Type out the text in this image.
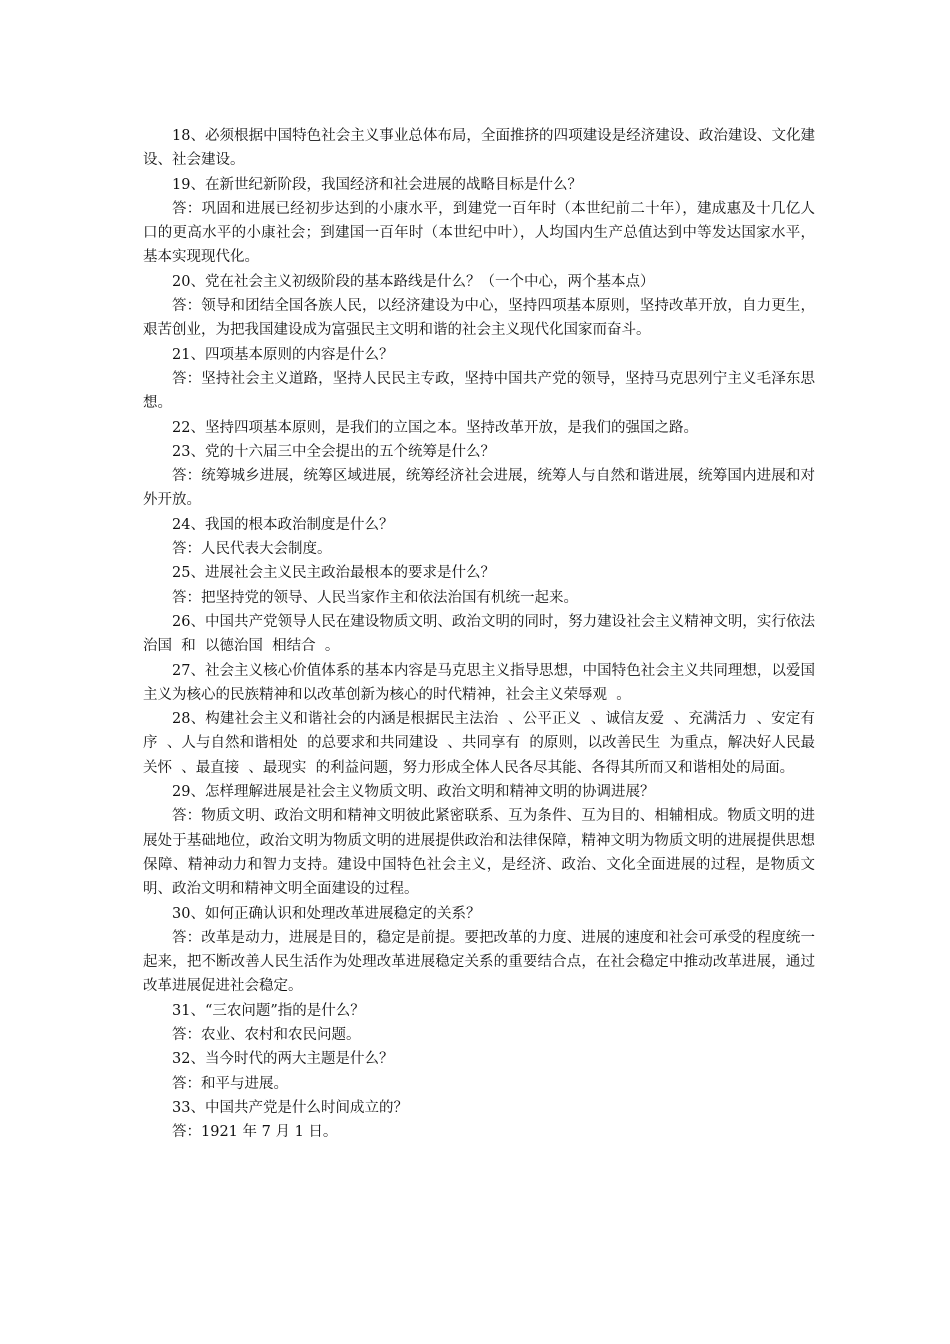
18、必须根据中国特色社会主义事业总体布局，全面推挤的四项建设是经济建设、政治建设、文化建设、社会建设。

19、在新世纪新阶段，我国经济和社会进展的战略目标是什么？

答：巩固和进展已经初步达到的小康水平，到建党一百年时（本世纪前二十年），建成惠及十几亿人口的更高水平的小康社会；到建国一百年时（本世纪中叶），人均国内生产总值达到中等发达国家水平，基本实现现代化。

20、党在社会主义初级阶段的基本路线是什么？（一个中心，两个基本点）

答：领导和团结全国各族人民，以经济建设为中心，坚持四项基本原则，坚持改革开放，自力更生，艰苦创业，为把我国建设成为富强民主文明和谐的社会主义现代化国家而奋斗。

21、四项基本原则的内容是什么？

答：坚持社会主义道路，坚持人民民主专政，坚持中国共产党的领导，坚持马克思列宁主义毛泽东思想。

22、坚持四项基本原则，是我们的立国之本。坚持改革开放，是我们的强国之路。

23、党的十六届三中全会提出的五个统筹是什么？

答：统筹城乡进展，统筹区域进展，统筹经济社会进展，统筹人与自然和谐进展，统筹国内进展和对外开放。

24、我国的根本政治制度是什么？

答：人民代表大会制度。

25、进展社会主义民主政治最根本的要求是什么？

答：把坚持党的领导、人民当家作主和依法治国有机统一起来。

26、中国共产党领导人民在建设物质文明、政治文明的同时，努力建设社会主义精神文明，实行依法治国  和  以德治国  相结合  。

27、社会主义核心价值体系的基本内容是马克思主义指导思想，中国特色社会主义共同理想，以爱国主义为核心的民族精神和以改革创新为核心的时代精神，社会主义荣辱观  。

28、构建社会主义和谐社会的内涵是根据民主法治  、公平正义  、诚信友爱  、充满活力  、安定有序  、人与自然和谐相处  的总要求和共同建设  、共同享有  的原则，以改善民生  为重点，解决好人民最关怀  、最直接  、最现实  的利益问题，努力形成全体人民各尽其能、各得其所而又和谐相处的局面。

29、怎样理解进展是社会主义物质文明、政治文明和精神文明的协调进展？

答：物质文明、政治文明和精神文明彼此紧密联系、互为条件、互为目的、相辅相成。物质文明的进展处于基础地位，政治文明为物质文明的进展提供政治和法律保障，精神文明为物质文明的进展提供思想保障、精神动力和智力支持。建设中国特色社会主义，是经济、政治、文化全面进展的过程，是物质文明、政治文明和精神文明全面建设的过程。

30、如何正确认识和处理改革进展稳定的关系？

答：改革是动力，进展是目的，稳定是前提。要把改革的力度、进展的速度和社会可承受的程度统一起来，把不断改善人民生活作为处理改革进展稳定关系的重要结合点，在社会稳定中推动改革进展，通过改革进展促进社会稳定。

31、“三农问题”指的是什么？

答：农业、农村和农民问题。

32、当今时代的两大主题是什么？

答：和平与进展。

33、中国共产党是什么时间成立的？

答：1921 年 7 月 1 日。
